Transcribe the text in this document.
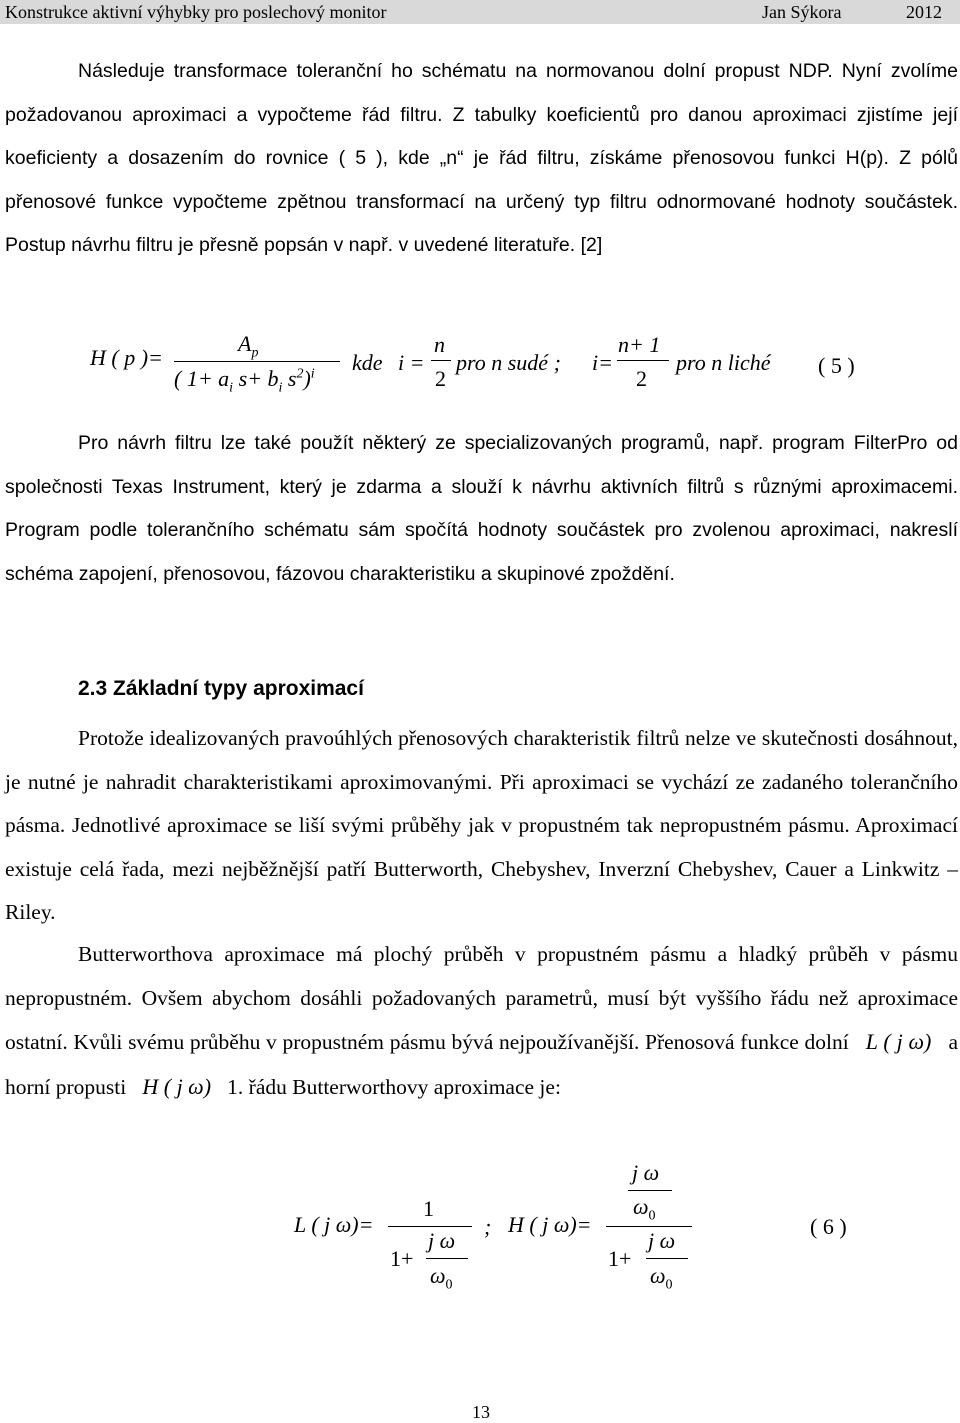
Konstrukce aktivní výhybky pro poslechový monitor	Jan Sýkora	2012

Následuje transformace toleranční ho schématu na normovanou dolní propust NDP. Nyní zvolíme požadovanou aproximaci a vypočteme řád filtru. Z tabulky koeficientů pro danou aproximaci zjistíme její koeficienty a dosazením do rovnice ( 5 ), kde „n“ je řád filtru, získáme přenosovou funkci H(p). Z pólů přenosové funkce vypočteme zpětnou transformací na určený typ filtru odnormované hodnoty součástek. Postup návrhu filtru je přesně popsán v např. v uvedené literatuře. [2]

H ( p )=
$A_p$
( $1+ a_i$ $s+ b_i$ $s^2)^i$ kde i =
n
2
pro n sudé ; i=
n+ 1
2
pro n liché ( 5 )

Pro návrh filtru lze také použít některý ze specializovaných programů, např. program FilterPro od společnosti Texas Instrument, který je zdarma a slouží k návrhu aktivních filtrů s různými aproximacemi. Program podle tolerančního schématu sám spočítá hodnoty součástek pro zvolenou aproximaci, nakreslí schéma zapojení, přenosovou, fázovou charakteristiku a skupinové zpoždění.

2.3 Základní typy aproximací

Protože idealizovaných pravoúhlých přenosových charakteristik filtrů nelze ve skutečnosti dosáhnout, je nutné je nahradit charakteristikami aproximovanými. Při aproximaci se vychází ze zadaného tolerančního pásma. Jednotlivé aproximace se liší svými průběhy jak v propustném tak nepropustném pásmu. Aproximací existuje celá řada, mezi nejběžnější patří Butterworth, Chebyshev, Inverzní Chebyshev, Cauer a Linkwitz – Riley.

Butterworthova aproximace má plochý průběh v propustném pásmu a hladký průběh v pásmu nepropustném. Ovšem abychom dosáhli požadovaných parametrů, musí být vyššího řádu než aproximace ostatní. Kvůli svému průběhu v propustném pásmu bývá nejpoužívanější. Přenosová funkce dolní L ( j ω) a horní propusti H ( j ω) 1. řádu Butterworthovy aproximace je:

L ( j ω)=
1
1+
j ω
$\omega_0$
; H ( j ω)=
j ω
$\omega_0$
1+
j ω
$\omega_0$
( 6 )
13
